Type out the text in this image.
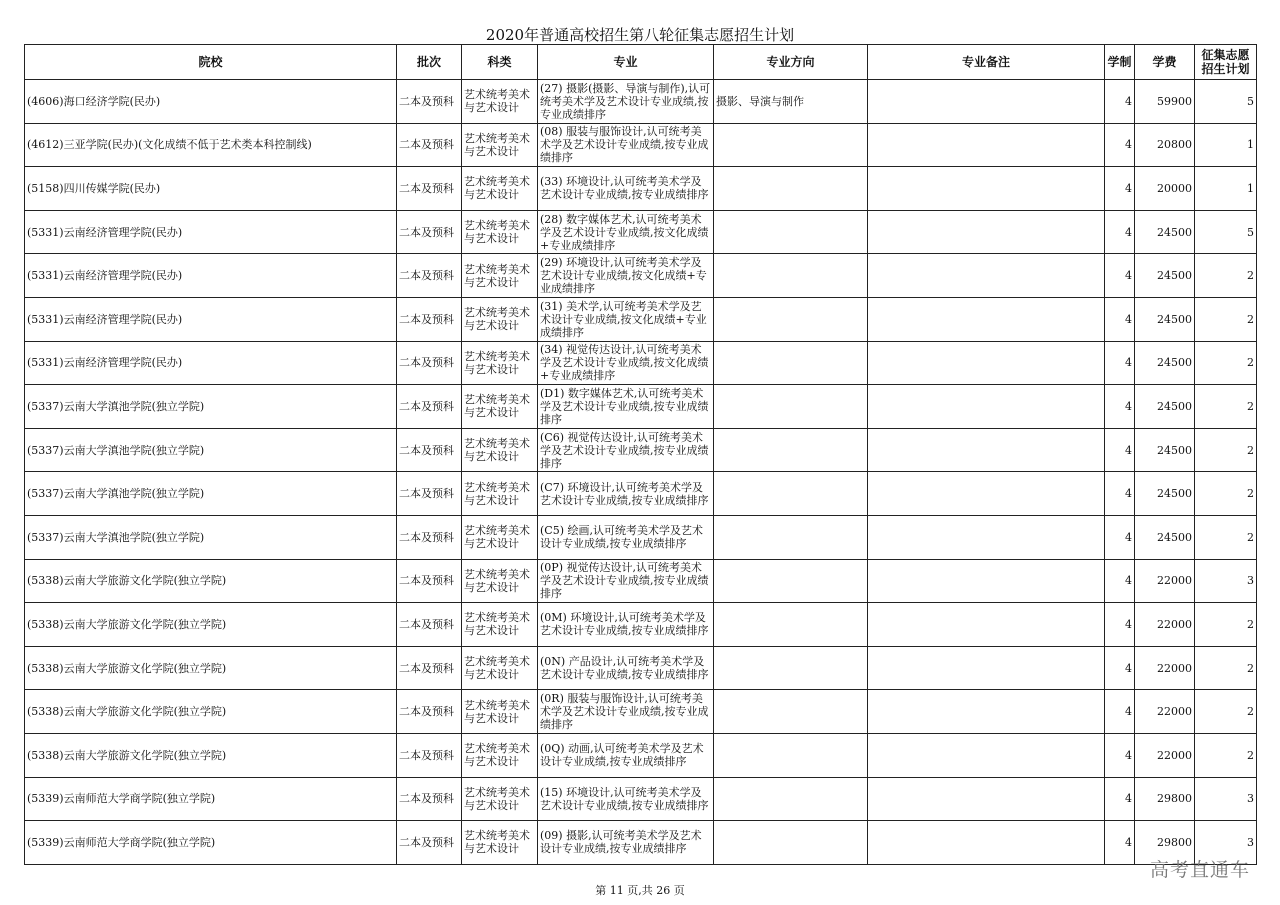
2020年普通高校招生第八轮征集志愿招生计划
院校	批次	科类	专业	专业方向	专业备注	学制	学费	征集志愿
招生计划
(4606)海口经济学院(民办)	二本及预科	艺术统考美术与艺术设计	(27) 摄影(摄影、导演与制作),认可统考美术学及艺术设计专业成绩,按专业成绩排序	摄影、导演与制作		4	59900	5
(4612)三亚学院(民办)(文化成绩不低于艺术类本科控制线)	二本及预科	艺术统考美术与艺术设计	(08) 服装与服饰设计,认可统考美术学及艺术设计专业成绩,按专业成绩排序			4	20800	1
(5158)四川传媒学院(民办)	二本及预科	艺术统考美术与艺术设计	(33) 环境设计,认可统考美术学及艺术设计专业成绩,按专业成绩排序			4	20000	1
(5331)云南经济管理学院(民办)	二本及预科	艺术统考美术与艺术设计	(28) 数字媒体艺术,认可统考美术学及艺术设计专业成绩,按文化成绩+专业成绩排序			4	24500	5
(5331)云南经济管理学院(民办)	二本及预科	艺术统考美术与艺术设计	(29) 环境设计,认可统考美术学及艺术设计专业成绩,按文化成绩+专业成绩排序			4	24500	2
(5331)云南经济管理学院(民办)	二本及预科	艺术统考美术与艺术设计	(31) 美术学,认可统考美术学及艺术设计专业成绩,按文化成绩+专业成绩排序			4	24500	2
(5331)云南经济管理学院(民办)	二本及预科	艺术统考美术与艺术设计	(34) 视觉传达设计,认可统考美术学及艺术设计专业成绩,按文化成绩+专业成绩排序			4	24500	2
(5337)云南大学滇池学院(独立学院)	二本及预科	艺术统考美术与艺术设计	(D1) 数字媒体艺术,认可统考美术学及艺术设计专业成绩,按专业成绩排序			4	24500	2
(5337)云南大学滇池学院(独立学院)	二本及预科	艺术统考美术与艺术设计	(C6) 视觉传达设计,认可统考美术学及艺术设计专业成绩,按专业成绩排序			4	24500	2
(5337)云南大学滇池学院(独立学院)	二本及预科	艺术统考美术与艺术设计	(C7) 环境设计,认可统考美术学及艺术设计专业成绩,按专业成绩排序			4	24500	2
(5337)云南大学滇池学院(独立学院)	二本及预科	艺术统考美术与艺术设计	(C5) 绘画,认可统考美术学及艺术设计专业成绩,按专业成绩排序			4	24500	2
(5338)云南大学旅游文化学院(独立学院)	二本及预科	艺术统考美术与艺术设计	(0P) 视觉传达设计,认可统考美术学及艺术设计专业成绩,按专业成绩排序			4	22000	3
(5338)云南大学旅游文化学院(独立学院)	二本及预科	艺术统考美术与艺术设计	(0M) 环境设计,认可统考美术学及艺术设计专业成绩,按专业成绩排序			4	22000	2
(5338)云南大学旅游文化学院(独立学院)	二本及预科	艺术统考美术与艺术设计	(0N) 产品设计,认可统考美术学及艺术设计专业成绩,按专业成绩排序			4	22000	2
(5338)云南大学旅游文化学院(独立学院)	二本及预科	艺术统考美术与艺术设计	(0R) 服装与服饰设计,认可统考美术学及艺术设计专业成绩,按专业成绩排序			4	22000	2
(5338)云南大学旅游文化学院(独立学院)	二本及预科	艺术统考美术与艺术设计	(0Q) 动画,认可统考美术学及艺术设计专业成绩,按专业成绩排序			4	22000	2
(5339)云南师范大学商学院(独立学院)	二本及预科	艺术统考美术与艺术设计	(15) 环境设计,认可统考美术学及艺术设计专业成绩,按专业成绩排序			4	29800	3
(5339)云南师范大学商学院(独立学院)	二本及预科	艺术统考美术与艺术设计	(09) 摄影,认可统考美术学及艺术设计专业成绩,按专业成绩排序			4	29800	3
第 11 页,共 26 页
高考直通车
